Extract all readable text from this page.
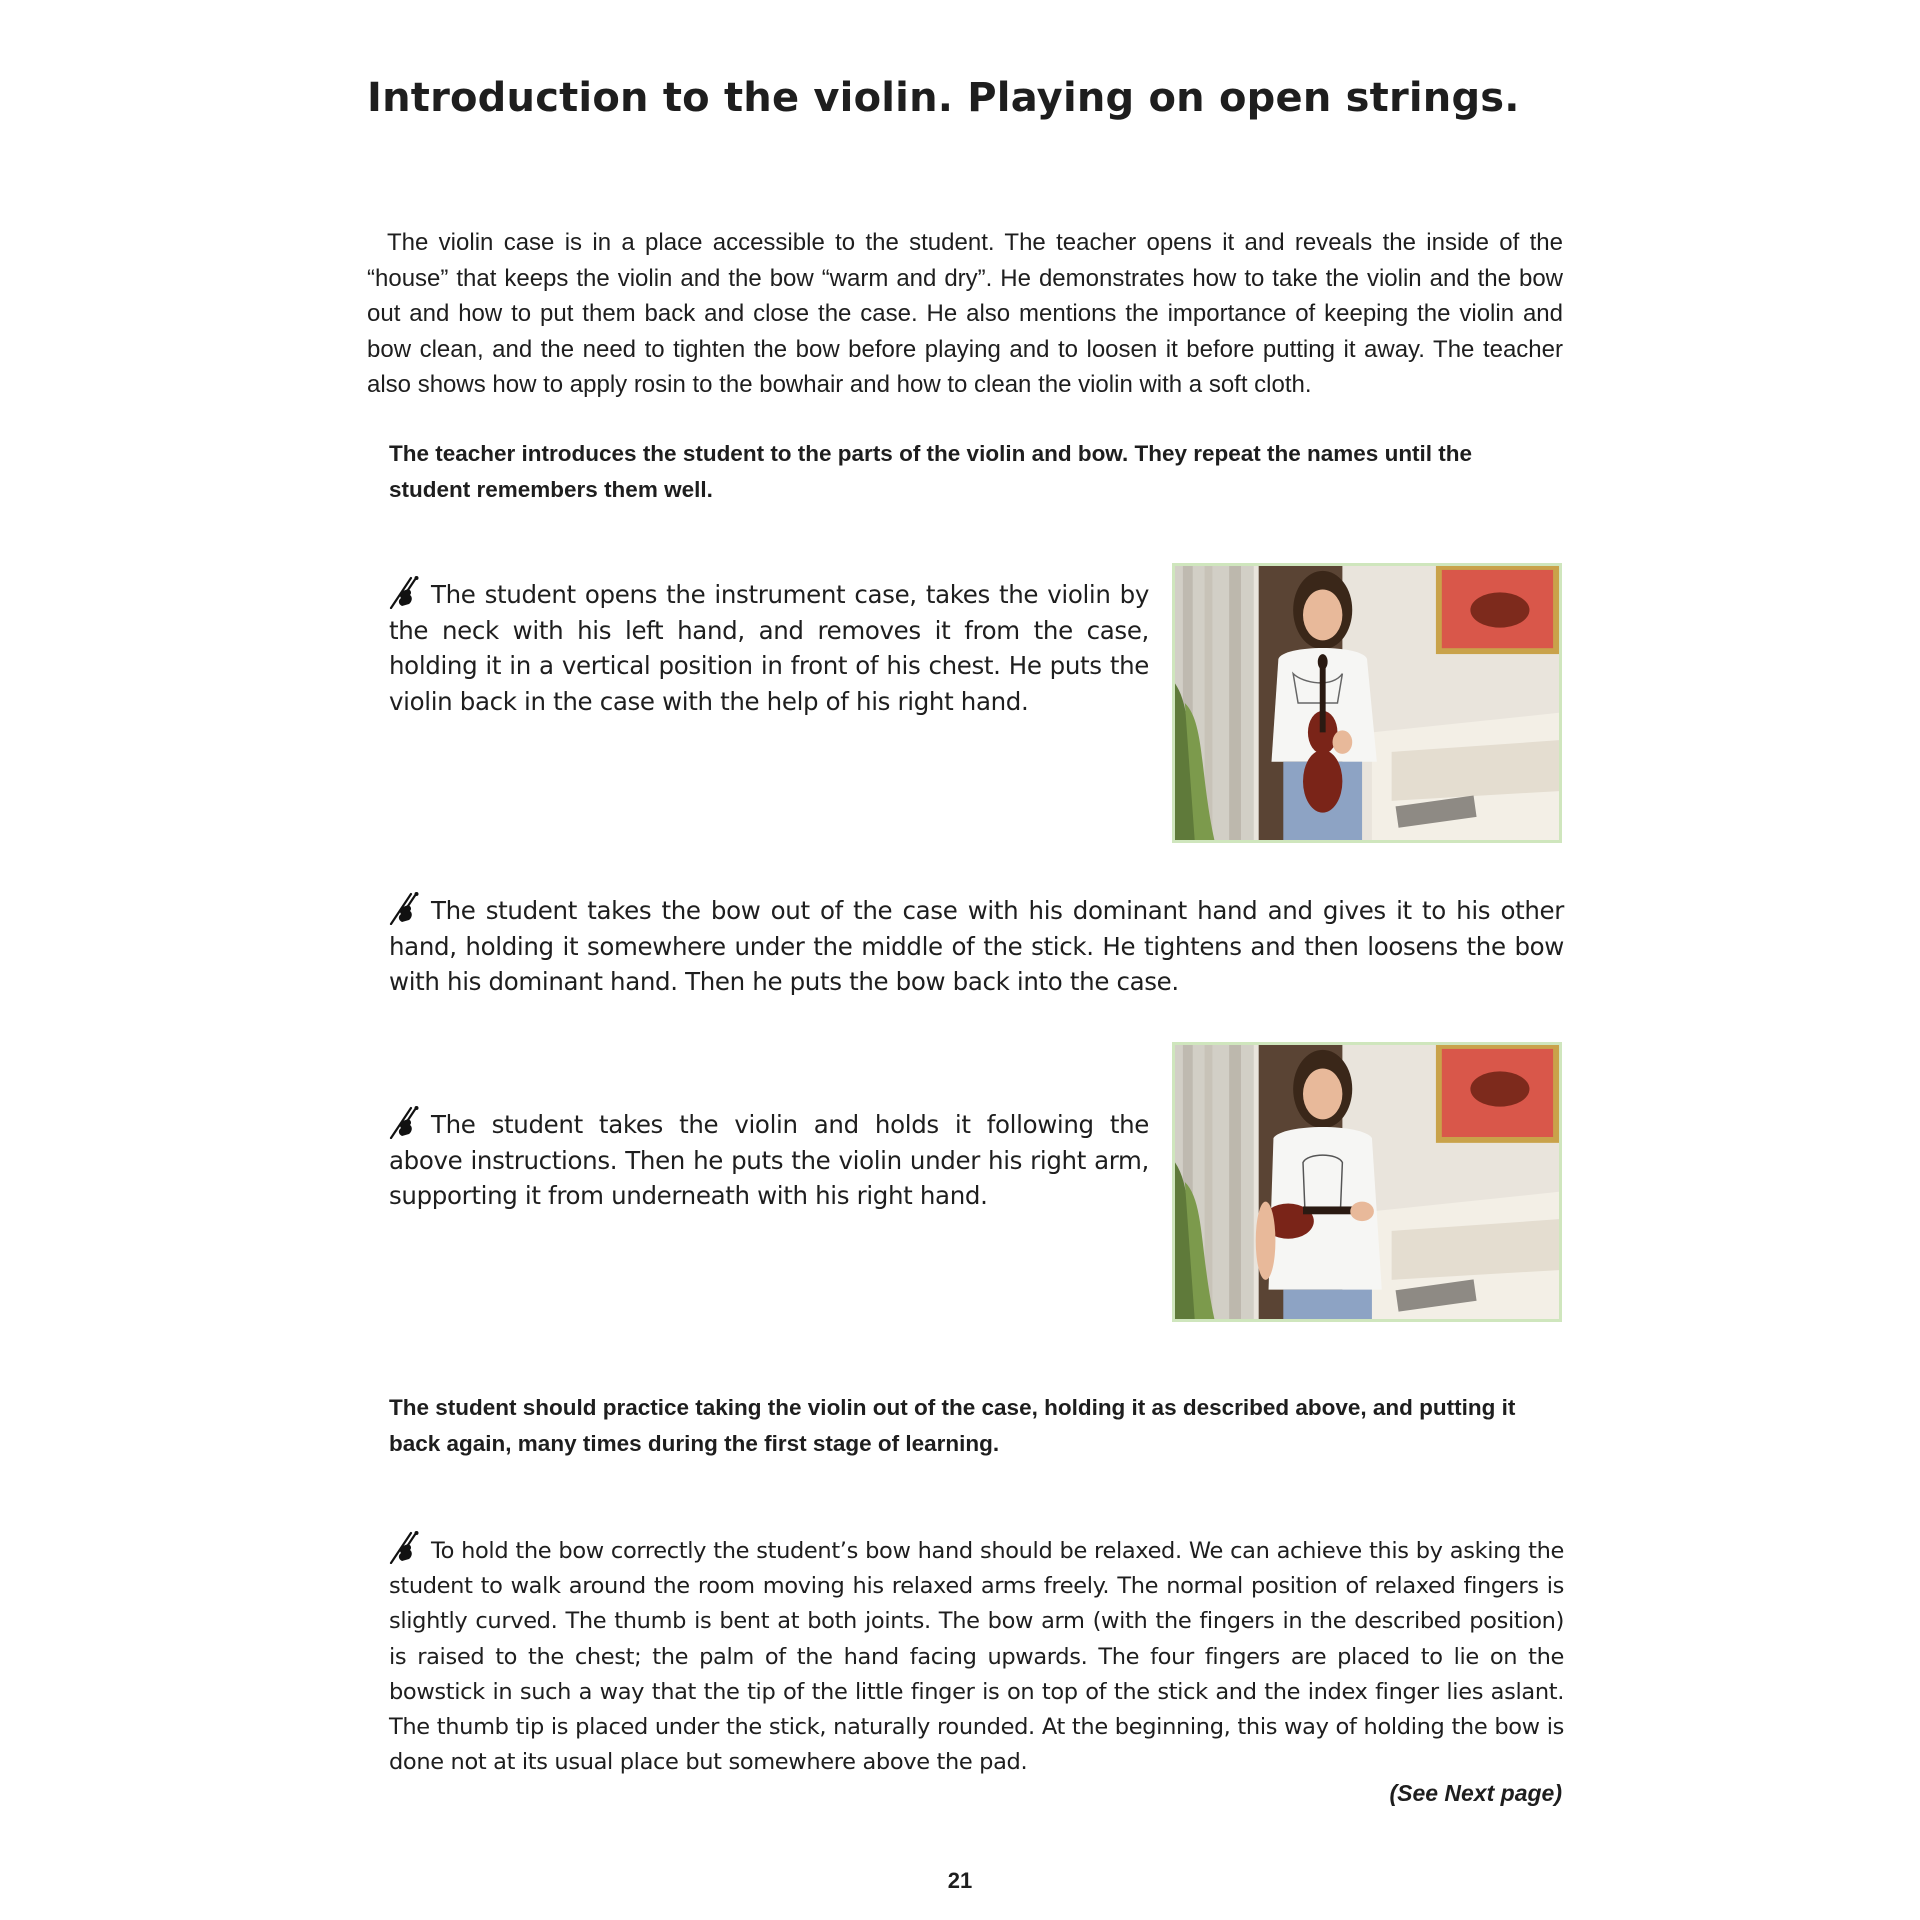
Introduction to the violin. Playing on open strings.

The violin case is in a place accessible to the student. The teacher opens it and reveals the inside of the “house” that keeps the violin and the bow “warm and dry”. He demonstrates how to take the violin and the bow out and how to put them back and close the case. He also mentions the importance of keeping the violin and bow clean, and the need to tighten the bow before playing and to loosen it before putting it away. The teacher also shows how to apply rosin to the bowhair and how to clean the violin with a soft cloth.

The teacher introduces the student to the parts of the violin and bow. They repeat the names until the student remembers them well.

The student opens the instrument case, takes the violin by the neck with his left hand, and removes it from the case, holding it in a vertical position in front of his chest. He puts the violin back in the case with the help of his right hand.

The student takes the bow out of the case with his dominant hand and gives it to his other hand, holding it somewhere under the middle of the stick. He tightens and then loosens the bow with his dominant hand. Then he puts the bow back into the case.

The student takes the violin and holds it following the above instructions. Then he puts the violin under his right arm, supporting it from underneath with his right hand.

The student should practice taking the violin out of the case, holding it as described above, and putting it back again, many times during the first stage of learning.

To hold the bow correctly the student’s bow hand should be relaxed. We can achieve this by asking the student to walk around the room moving his relaxed arms freely. The normal position of relaxed fingers is slightly curved. The thumb is bent at both joints. The bow arm (with the fingers in the described position) is raised to the chest; the palm of the hand facing upwards. The four fingers are placed to lie on the bowstick in such a way that the tip of the little finger is on top of the stick and the index finger lies aslant. The thumb tip is placed under the stick, naturally rounded. At the beginning, this way of holding the bow is done not at its usual place but somewhere above the pad.

(See Next page)

21
